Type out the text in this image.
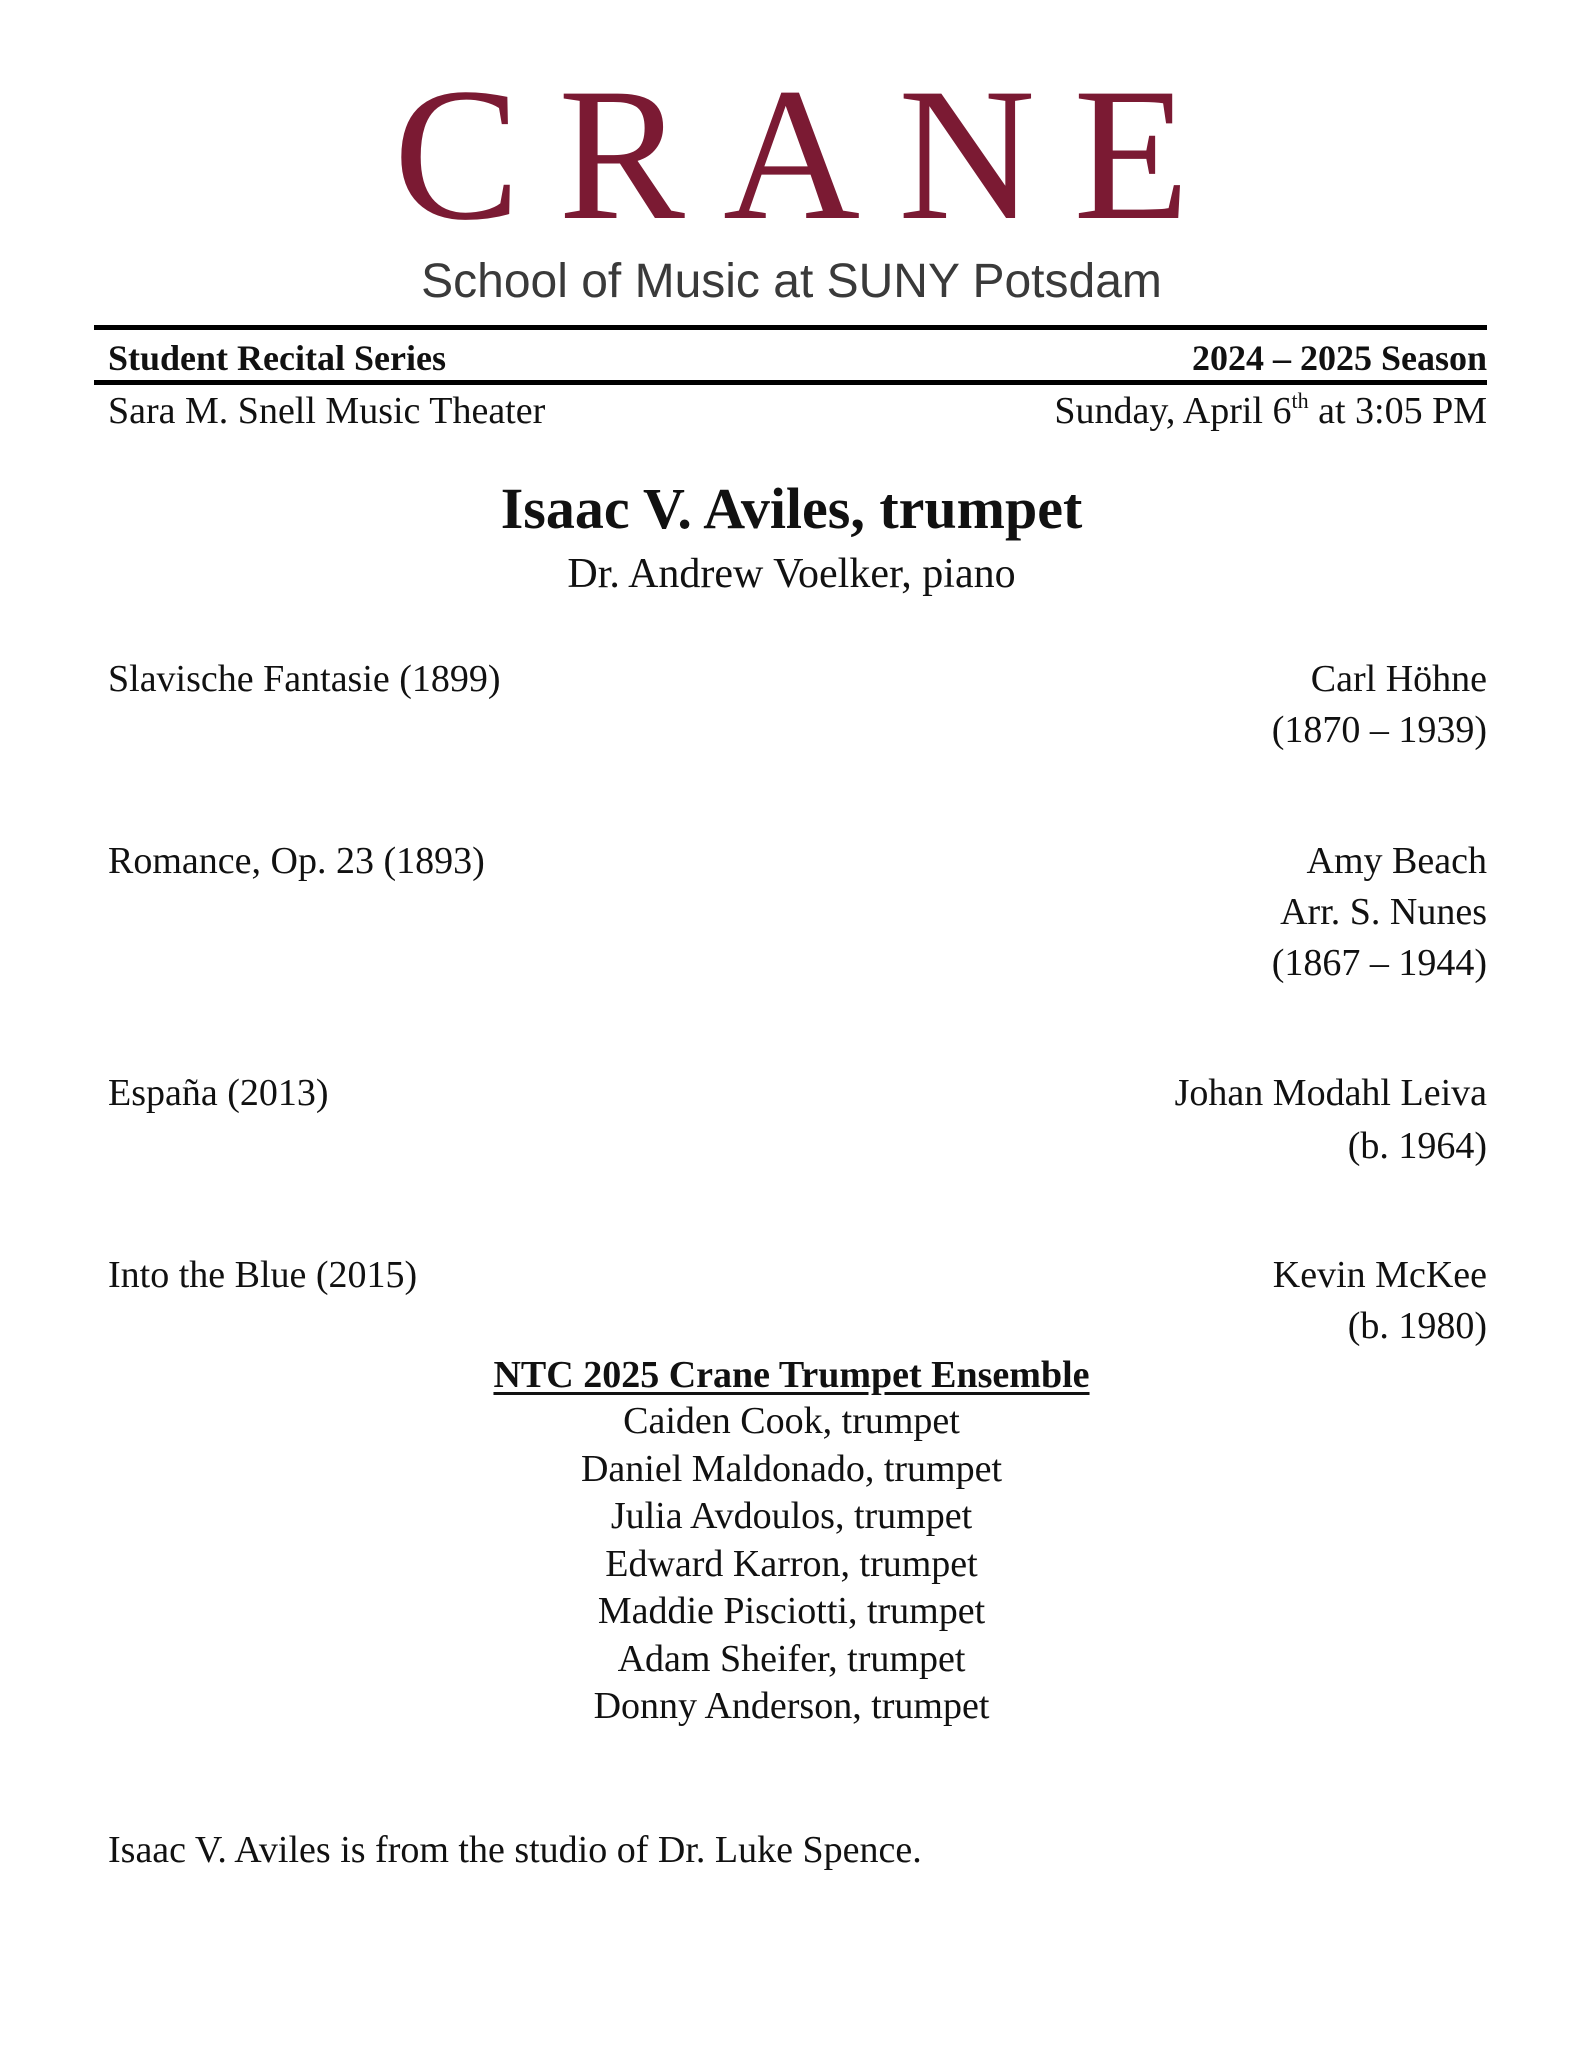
CRANE
School of Music at SUNY Potsdam
Student Recital Series	2024 – 2025 Season
Sara M. Snell Music Theater	Sunday, April 6th at 3:05 PM
Isaac V. Aviles, trumpet
Dr. Andrew Voelker, piano
Slavische Fantasie (1899)	Carl Höhne
(1870 – 1939)
Romance, Op. 23 (1893)	Amy Beach
Arr. S. Nunes
(1867 – 1944)
España (2013)	Johan Modahl Leiva
(b. 1964)
Into the Blue (2015)	Kevin McKee
(b. 1980)
NTC 2025 Crane Trumpet Ensemble
Caiden Cook, trumpet
Daniel Maldonado, trumpet
Julia Avdoulos, trumpet
Edward Karron, trumpet
Maddie Pisciotti, trumpet
Adam Sheifer, trumpet
Donny Anderson, trumpet
Isaac V. Aviles is from the studio of Dr. Luke Spence.
